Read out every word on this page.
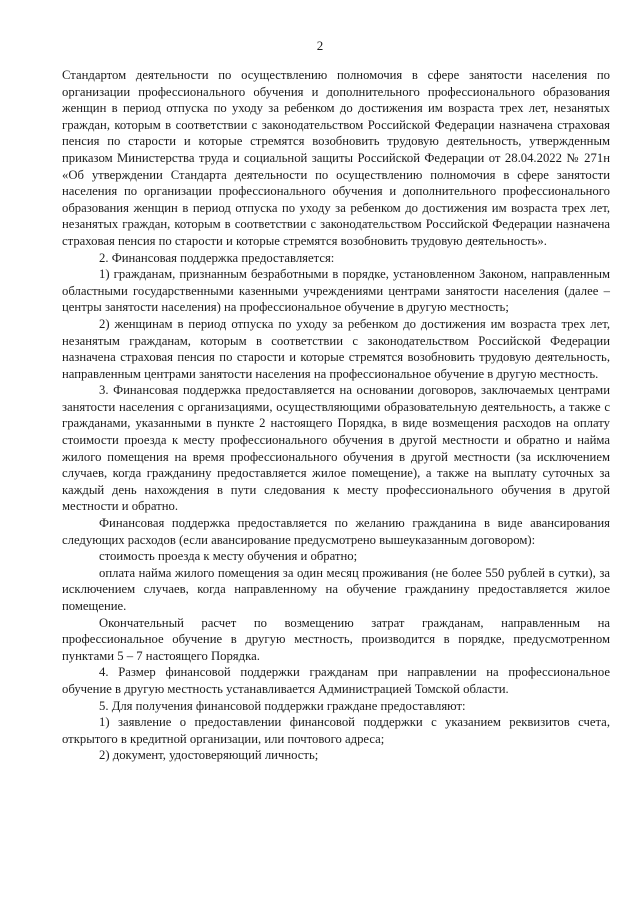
2

Стандартом деятельности по осуществлению полномочия в сфере занятости населения по организации профессионального обучения и дополнительного профессионального образования женщин в период отпуска по уходу за ребенком до достижения им возраста трех лет, незанятых граждан, которым в соответствии с законодательством Российской Федерации назначена страховая пенсия по старости и которые стремятся возобновить трудовую деятельность, утвержденным приказом Министерства труда и социальной защиты Российской Федерации от 28.04.2022 № 271н «Об утверждении Стандарта деятельности по осуществлению полномочия в сфере занятости населения по организации профессионального обучения и дополнительного профессионального образования женщин в период отпуска по уходу за ребенком до достижения им возраста трех лет, незанятых граждан, которым в соответствии с законодательством Российской Федерации назначена страховая пенсия по старости и которые стремятся возобновить трудовую деятельность».

2. Финансовая поддержка предоставляется:

1) гражданам, признанным безработными в порядке, установленном Законом, направленным областными государственными казенными учреждениями центрами занятости населения (далее – центры занятости населения) на профессиональное обучение в другую местность;

2) женщинам в период отпуска по уходу за ребенком до достижения им возраста трех лет, незанятым гражданам, которым в соответствии с законодательством Российской Федерации назначена страховая пенсия по старости и которые стремятся возобновить трудовую деятельность, направленным центрами занятости населения на профессиональное обучение в другую местность.

3. Финансовая поддержка предоставляется на основании договоров, заключаемых центрами занятости населения с организациями, осуществляющими образовательную деятельность, а также с гражданами, указанными в пункте 2 настоящего Порядка, в виде возмещения расходов на оплату стоимости проезда к месту профессионального обучения в другой местности и обратно и найма жилого помещения на время профессионального обучения в другой местности (за исключением случаев, когда гражданину предоставляется жилое помещение), а также на выплату суточных за каждый день нахождения в пути следования к месту профессионального обучения в другой местности и обратно.

Финансовая поддержка предоставляется по желанию гражданина в виде авансирования следующих расходов (если авансирование предусмотрено вышеуказанным договором):

стоимость проезда к месту обучения и обратно;

оплата найма жилого помещения за один месяц проживания (не более 550 рублей в сутки), за исключением случаев, когда направленному на обучение гражданину предоставляется жилое помещение.

Окончательный расчет по возмещению затрат гражданам, направленным на профессиональное обучение в другую местность, производится в порядке, предусмотренном пунктами 5 – 7 настоящего Порядка.

4. Размер финансовой поддержки гражданам при направлении на профессиональное обучение в другую местность устанавливается Администрацией Томской области.

5. Для получения финансовой поддержки граждане предоставляют:

1) заявление о предоставлении финансовой поддержки с указанием реквизитов счета, открытого в кредитной организации, или почтового адреса;

2) документ, удостоверяющий личность;
